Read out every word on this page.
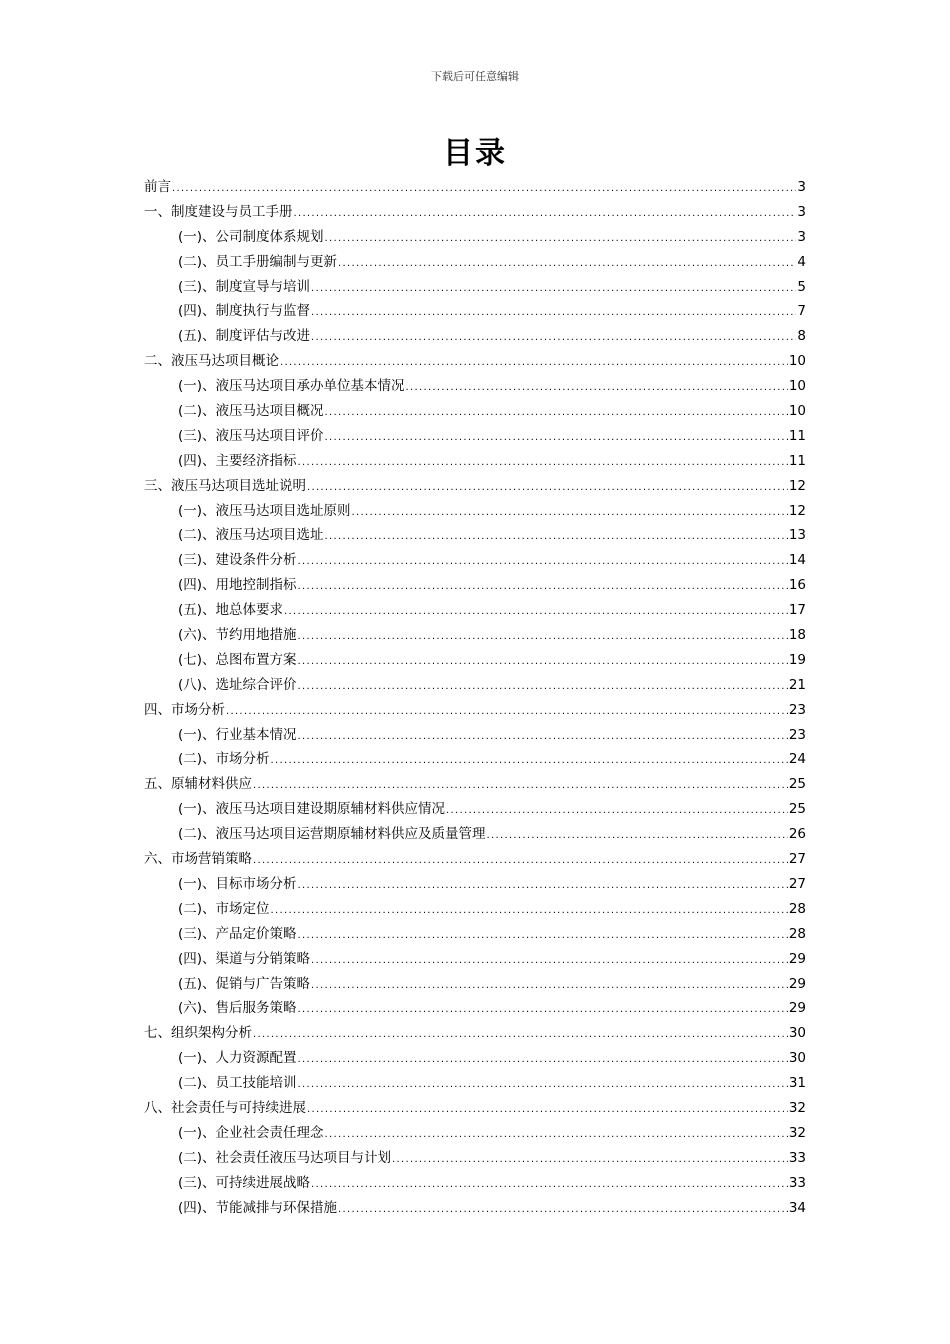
下载后可任意编辑
目录
前言 .....	3
一、制度建设与员工手册 .....	3
(一)、公司制度体系规划 .....	3
(二)、员工手册编制与更新 .....	4
(三)、制度宣导与培训 .....	5
(四)、制度执行与监督 .....	7
(五)、制度评估与改进 .....	8
二、液压马达项目概论 .....	10
(一)、液压马达项目承办单位基本情况 .....	10
(二)、液压马达项目概况 .....	10
(三)、液压马达项目评价 .....	11
(四)、主要经济指标 .....	11
三、液压马达项目选址说明 .....	12
(一)、液压马达项目选址原则 .....	12
(二)、液压马达项目选址 .....	13
(三)、建设条件分析 .....	14
(四)、用地控制指标 .....	16
(五)、地总体要求 .....	17
(六)、节约用地措施 .....	18
(七)、总图布置方案 .....	19
(八)、选址综合评价 .....	21
四、市场分析 .....	23
(一)、行业基本情况 .....	23
(二)、市场分析 .....	24
五、原辅材料供应 .....	25
(一)、液压马达项目建设期原辅材料供应情况 .....	25
(二)、液压马达项目运营期原辅材料供应及质量管理 .....	26
六、市场营销策略 .....	27
(一)、目标市场分析 .....	27
(二)、市场定位 .....	28
(三)、产品定价策略 .....	28
(四)、渠道与分销策略 .....	29
(五)、促销与广告策略 .....	29
(六)、售后服务策略 .....	29
七、组织架构分析 .....	30
(一)、人力资源配置 .....	30
(二)、员工技能培训 .....	31
八、社会责任与可持续进展 .....	32
(一)、企业社会责任理念 .....	32
(二)、社会责任液压马达项目与计划 .....	33
(三)、可持续进展战略 .....	33
(四)、节能减排与环保措施 .....	34
